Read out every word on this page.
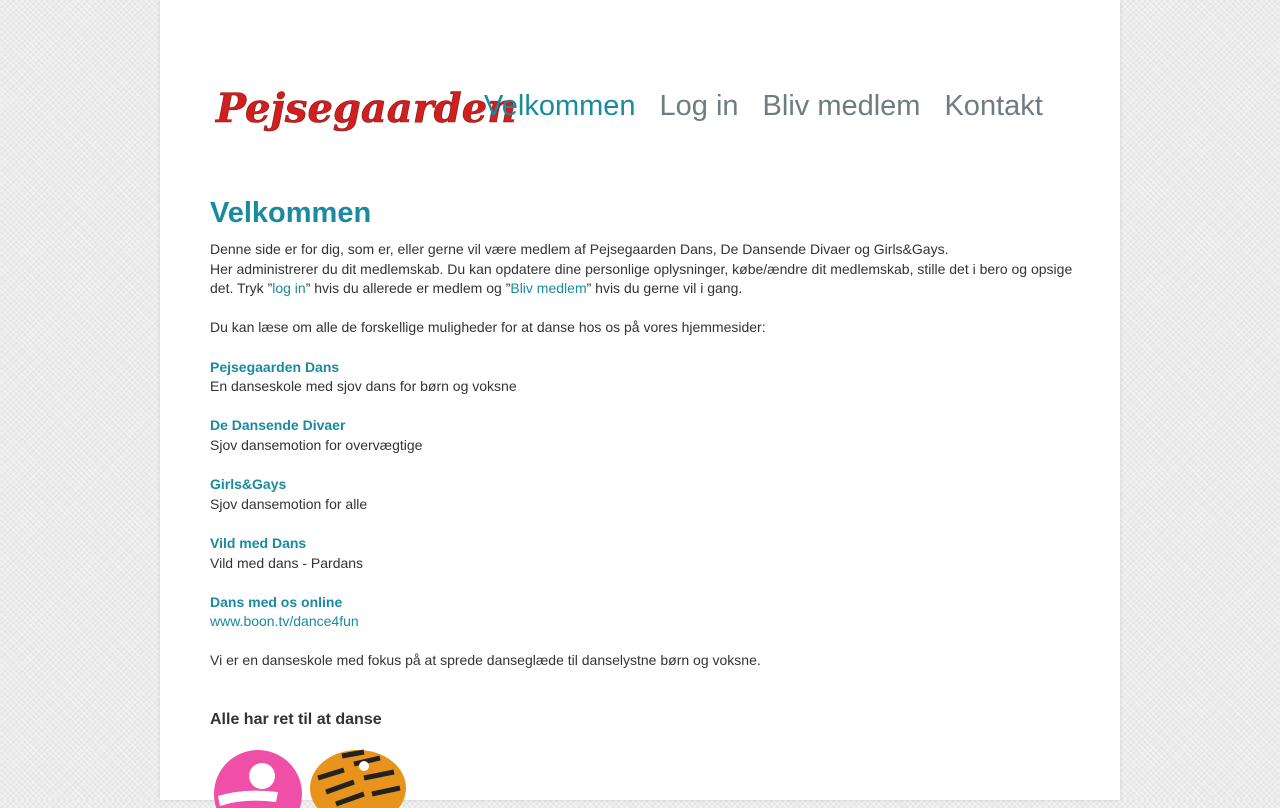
Pejsegaarden
Velkommen Log in Bliv medlem Kontakt
Velkommen

Denne side er for dig, som er, eller gerne vil være medlem af Pejsegaarden Dans, De Dansende Divaer og Girls&Gays.
Her administrerer du dit medlemskab. Du kan opdatere dine personlige oplysninger, købe/ændre dit medlemskab, stille det i bero og opsige det. Tryk ”log in” hvis du allerede er medlem og ”Bliv medlem” hvis du gerne vil i gang.

Du kan læse om alle de forskellige muligheder for at danse hos os på vores hjemmesider:

Pejsegaarden Dans
En danseskole med sjov dans for børn og voksne

De Dansende Divaer
Sjov dansemotion for overvægtige

Girls&Gays
Sjov dansemotion for alle

Vild med Dans
Vild med dans - Pardans

Dans med os online
www.boon.tv/dance4fun

Vi er en danseskole med fokus på at sprede dansеglæde til danselystne børn og voksne.

Alle har ret til at danse
